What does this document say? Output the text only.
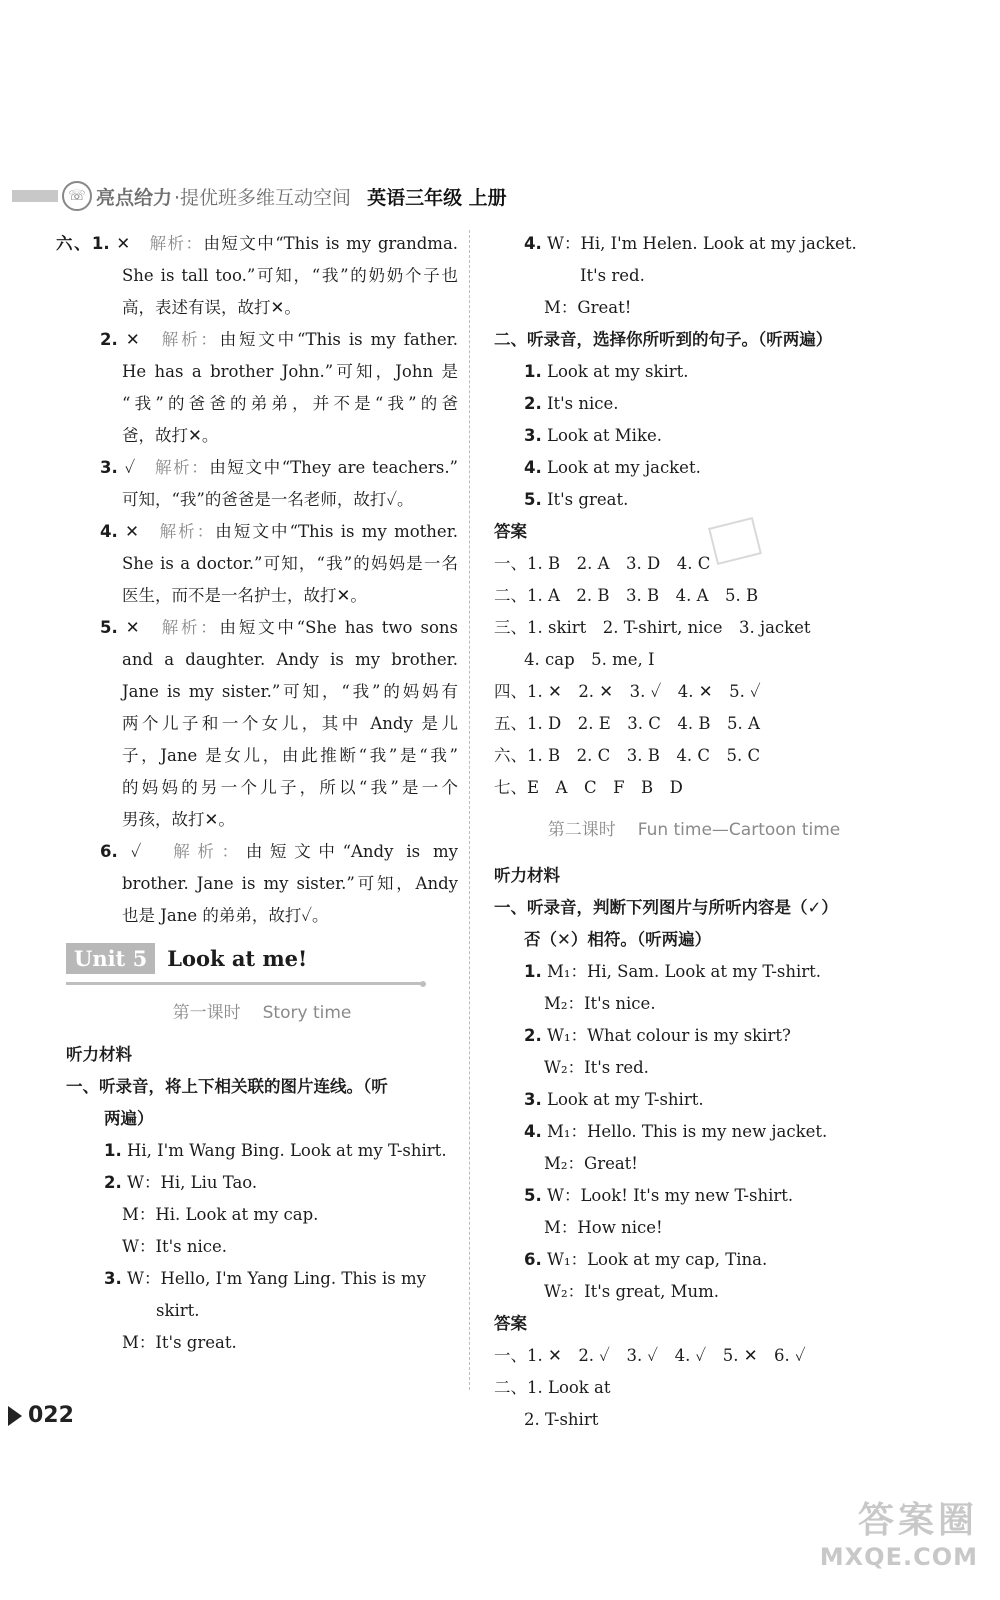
☏ 亮点给力 ·提优班多维互动空间 英语三年级 上册
六、1. ✕　 解析：由短文中“This is my grandma.
She is tall too.”可知，“我”的奶奶个子也
高，表述有误，故打✕。
2. ✕　 解析：由短文中“This is my father.
He has a brother John.”可知，John 是
“我”的爸爸的弟弟，并不是“我”的爸
爸，故打✕。
3. ✓　 解析：由短文中“They are teachers.”
可知，“我”的爸爸是一名老师，故打✓。
4. ✕　 解析：由短文中“This is my mother.
She is a doctor.”可知，“我”的妈妈是一名
医生，而不是一名护士，故打✕。
5. ✕　 解析：由短文中“She has two sons
and a daughter. Andy is my brother.
Jane is my sister.”可知，“我”的妈妈有
两个儿子和一个女儿，其中 Andy 是儿
子，Jane 是女儿，由此推断“我”是“我”
的妈妈的另一个儿子，所以“我”是一个
男孩，故打✕。
6. ✓　 解析：由短文中“Andy is my
brother. Jane is my sister.”可知，Andy
也是 Jane 的弟弟，故打✓。
Unit 5 Look at me!
第一课时 Story time
听力材料
一、听录音，将上下相关联的图片连线。（听
两遍）
1. Hi, I'm Wang Bing. Look at my T-shirt.
2. W：Hi, Liu Tao.
M：Hi. Look at my cap.
W：It's nice.
3. W：Hello, I'm Yang Ling. This is my
skirt.
M：It's great.
4. W：Hi, I'm Helen. Look at my jacket.
It's red.
M：Great!
二、听录音，选择你所听到的句子。（听两遍）
1. Look at my skirt.
2. It's nice.
3. Look at Mike.
4. Look at my jacket.
5. It's great.
答案
一、1. B　2. A　3. D　4. C
二、1. A　2. B　3. B　4. A　5. B
三、1. skirt　2. T-shirt, nice　3. jacket
4. cap　5. me, I
四、1. ✕　2. ✕　3. ✓　4. ✕　5. ✓
五、1. D　2. E　3. C　4. B　5. A
六、1. B　2. C　3. B　4. C　5. C
七、E　A　C　F　B　D
第二课时 Fun time—Cartoon time
听力材料
一、听录音，判断下列图片与所听内容是（✓）
否（✕）相符。（听两遍）
1. M₁：Hi, Sam. Look at my T-shirt.
M₂：It's nice.
2. W₁：What colour is my skirt?
W₂：It's red.
3. Look at my T-shirt.
4. M₁：Hello. This is my new jacket.
M₂：Great!
5. W：Look! It's my new T-shirt.
M：How nice!
6. W₁：Look at my cap, Tina.
W₂：It's great, Mum.
答案
一、1. ✕　2. ✓　3. ✓　4. ✓　5. ✕　6. ✓
二、1. Look at
2. T-shirt
022
答案圈
MXQE.COM
